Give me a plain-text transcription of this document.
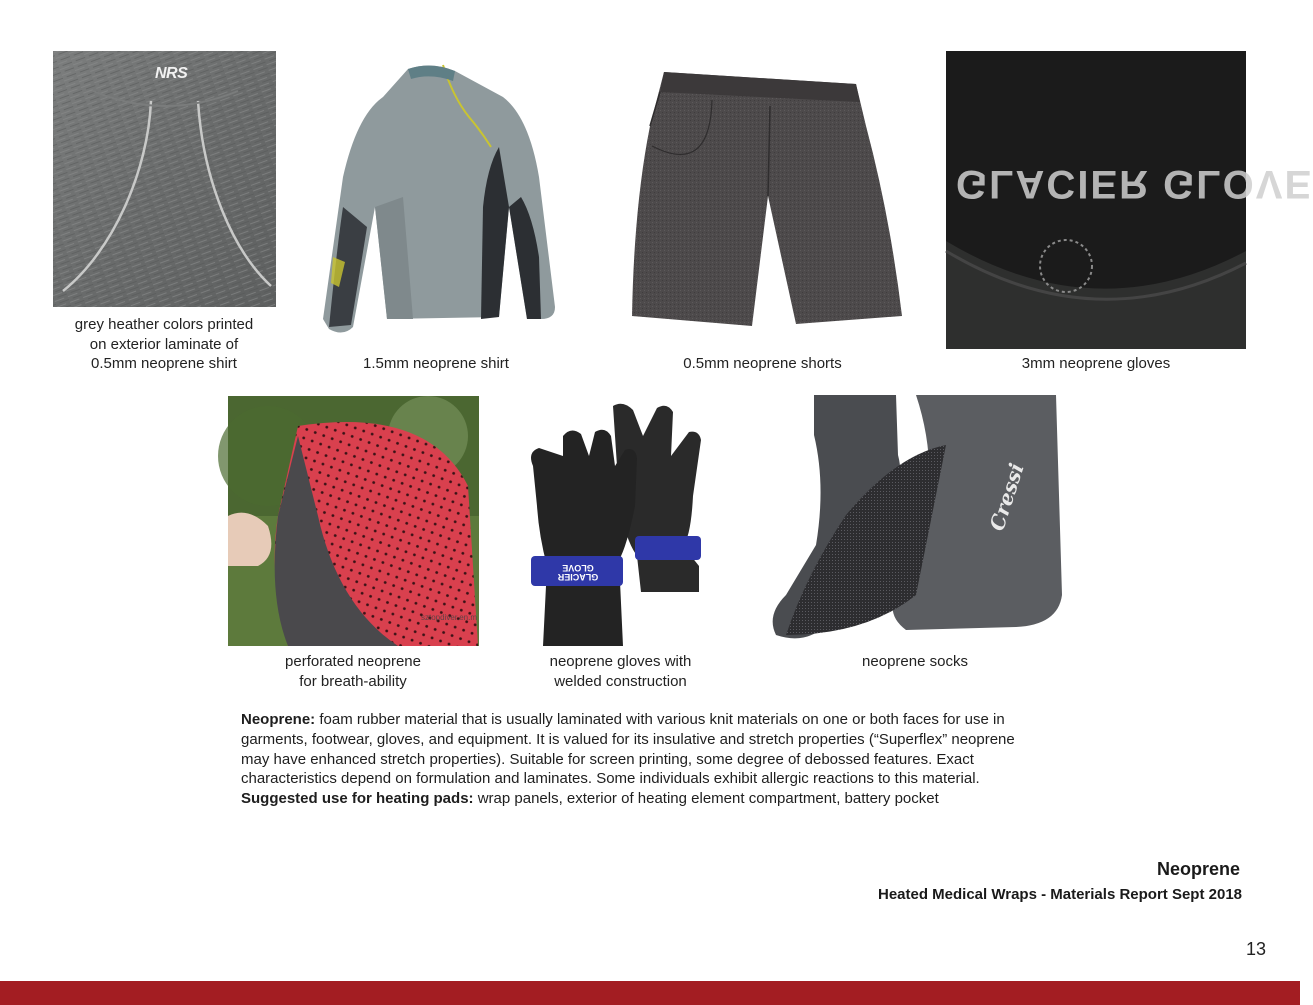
NRS
grey heather colors printed
on exterior laminate of
0.5mm neoprene shirt	1.5mm neoprene shirt	0.5mm neoprene shorts
GLACIER GLOVE
3mm neoprene gloves
sztopdiver.en.m
perforated neoprene
for breath-ability
GLACIER GLOVE
neoprene gloves with
welded construction
Cressi
neoprene socks
Neoprene: foam rubber material that is usually laminated with various knit materials on one or both faces for use in garments, footwear, gloves, and equipment. It is valued for its insulative and stretch properties (“Superflex” neoprene may have enhanced stretch properties). Suitable for screen printing, some degree of debossed features. Exact characteristics depend on formulation and laminates. Some individuals exhibit allergic reactions to this material.
Suggested use for heating pads: wrap panels, exterior of heating element compartment, battery pocket
Neoprene
Heated Medical Wraps - Materials Report Sept 2018
13
